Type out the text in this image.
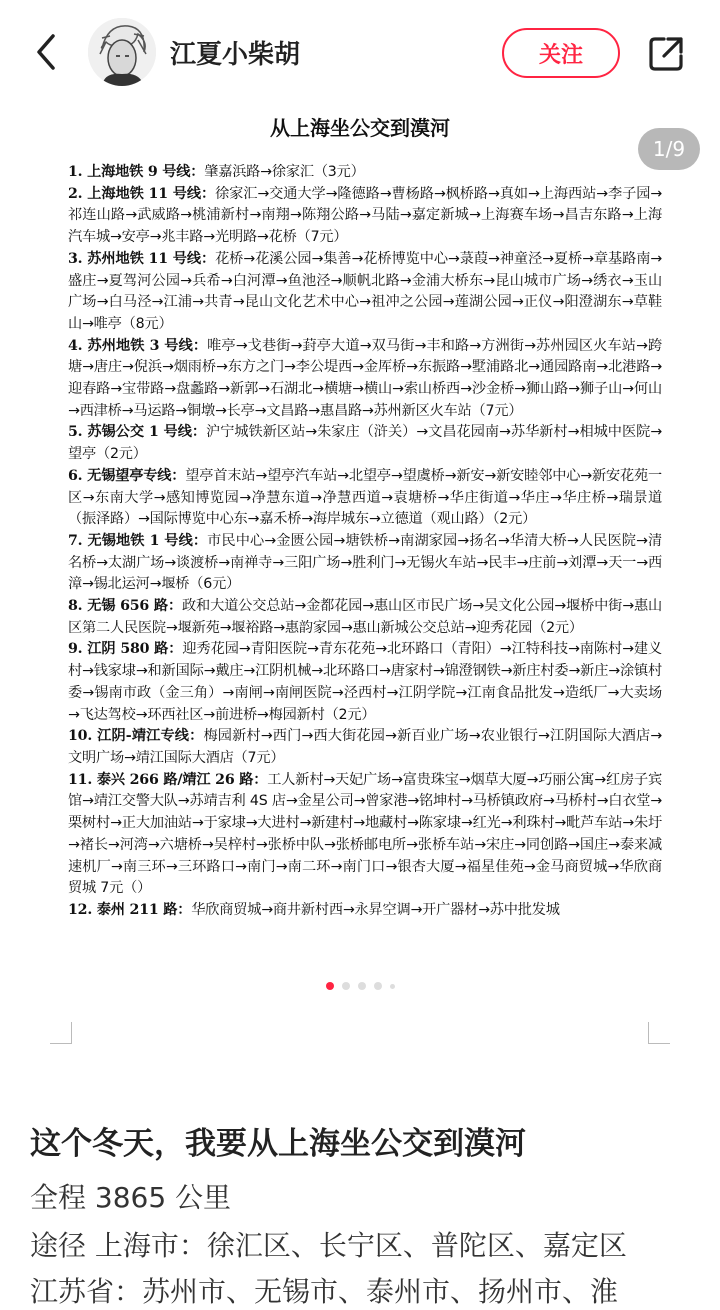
江夏小柴胡	关注
从上海坐公交到漠河

1. 上海地铁 9 号线：肇嘉浜路→徐家汇（3元）

2. 上海地铁 11 号线：徐家汇→交通大学→隆德路→曹杨路→枫桥路→真如→上海西站→李子园→祁连山路→武威路→桃浦新村→南翔→陈翔公路→马陆→嘉定新城→上海赛车场→昌吉东路→上海汽车城→安亭→兆丰路→光明路→花桥（7元）

3. 苏州地铁 11 号线：花桥→花溪公园→集善→花桥博览中心→菉葭→神童泾→夏桥→章基路南→盛庄→夏驾河公园→兵希→白河潭→鱼池泾→顺帆北路→金浦大桥东→昆山城市广场→绣衣→玉山广场→白马泾→江浦→共青→昆山文化艺术中心→祖冲之公园→莲湖公园→正仪→阳澄湖东→草鞋山→唯亭（8元）

4. 苏州地铁 3 号线：唯亭→戈巷街→葑亭大道→双马街→丰和路→方洲街→苏州园区火车站→跨塘→唐庄→倪浜→烟雨桥→东方之门→李公堤西→金厍桥→东振路→墅浦路北→通园路南→北港路→迎春路→宝带路→盘蠡路→新郭→石湖北→横塘→横山→索山桥西→沙金桥→狮山路→狮子山→何山→西津桥→马运路→铜墩→长亭→文昌路→惠昌路→苏州新区火车站（7元）

5. 苏锡公交 1 号线：沪宁城铁新区站→朱家庄（浒关）→文昌花园南→苏华新村→相城中医院→望亭（2元）

6. 无锡望亭专线：望亭首末站→望亭汽车站→北望亭→望虞桥→新安→新安睦邻中心→新安花苑一区→东南大学→感知博览园→净慧东道→净慧西道→袁塘桥→华庄街道→华庄→华庄桥→瑞景道（振泽路）→国际博览中心东→嘉禾桥→海岸城东→立德道（观山路）（2元）

7. 无锡地铁 1 号线：市民中心→金匮公园→塘铁桥→南湖家园→扬名→华清大桥→人民医院→清名桥→太湖广场→谈渡桥→南禅寺→三阳广场→胜利门→无锡火车站→民丰→庄前→刘潭→天一→西漳→锡北运河→堰桥（6元）

8. 无锡 656 路：政和大道公交总站→金都花园→惠山区市民广场→吴文化公园→堰桥中街→惠山区第二人民医院→堰新苑→堰裕路→惠韵家园→惠山新城公交总站→迎秀花园（2元）

9. 江阴 580 路：迎秀花园→青阳医院→青东花苑→北环路口（青阳）→江特科技→南陈村→建义村→钱家埭→和新国际→戴庄→江阴机械→北环路口→唐家村→锦澄钢铁→新庄村委→新庄→涂镇村委→锡南市政（金三角）→南闸→南闸医院→泾西村→江阴学院→江南食品批发→造纸厂→大卖场→飞达驾校→环西社区→前进桥→梅园新村（2元）

10. 江阴-靖江专线：梅园新村→西门→西大街花园→新百业广场→农业银行→江阴国际大酒店→文明广场→靖江国际大酒店（7元）

11. 泰兴 266 路/靖江 26 路：工人新村→天妃广场→富贵珠宝→烟草大厦→巧丽公寓→红房子宾馆→靖江交警大队→苏靖吉利 4S 店→金星公司→曾家港→铭坤村→马桥镇政府→马桥村→白衣堂→栗树村→正大加油站→于家埭→大进村→新建村→地藏村→陈家埭→红光→利珠村→毗芦车站→朱圩→褚长→河湾→六塘桥→吴梓村→张桥中队→张桥邮电所→张桥车站→宋庄→同创路→国庄→泰来减速机厂→南三环→三环路口→南门→南二环→南门口→银杏大厦→福星佳苑→金马商贸城→华欣商贸城 7元（）

12. 泰州 211 路：华欣商贸城→商井新村西→永昇空调→开广器材→苏中批发城

1/9
这个冬天，我要从上海坐公交到漠河
全程 3865 公里
途径 上海市：徐汇区、长宁区、普陀区、嘉定区
江苏省：苏州市、无锡市、泰州市、扬州市、淮
